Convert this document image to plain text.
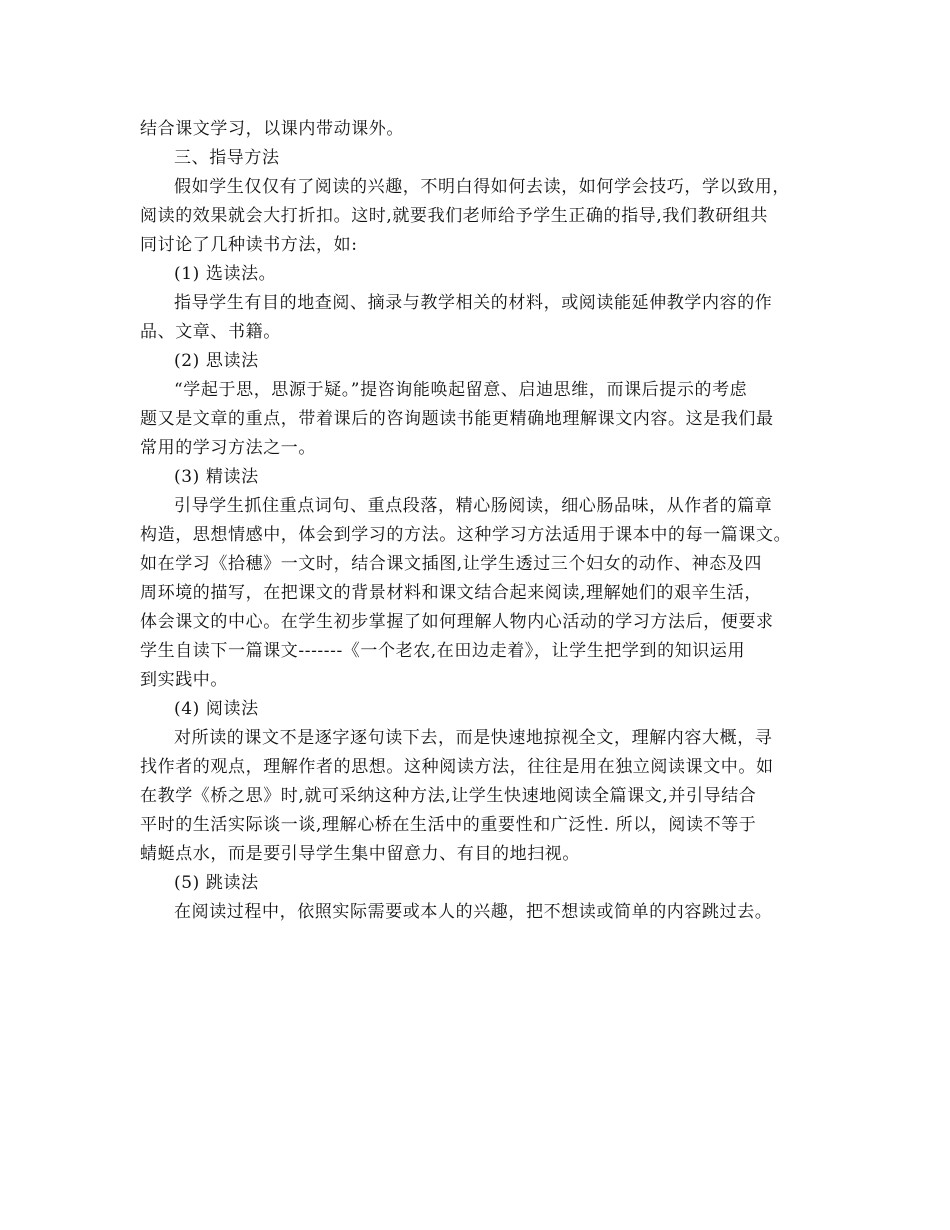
结合课文学习，以课内带动课外。
三、指导方法
假如学生仅仅有了阅读的兴趣，不明白得如何去读，如何学会技巧，学以致用，
阅读的效果就会大打折扣。这时,就要我们老师给予学生正确的指导,我们教研组共
同讨论了几种读书方法，如:
(1) 选读法。
指导学生有目的地查阅、摘录与教学相关的材料，或阅读能延伸教学内容的作
品、文章、书籍。
(2) 思读法
“学起于思，思源于疑。”提咨询能唤起留意、启迪思维，而课后提示的考虑
题又是文章的重点，带着课后的咨询题读书能更精确地理解课文内容。这是我们最
常用的学习方法之一。
(3) 精读法
引导学生抓住重点词句、重点段落，精心肠阅读，细心肠品味，从作者的篇章
构造，思想情感中，体会到学习的方法。这种学习方法适用于课本中的每一篇课文。
如在学习《拾穗》一文时，结合课文插图,让学生透过三个妇女的动作、神态及四
周环境的描写，在把课文的背景材料和课文结合起来阅读,理解她们的艰辛生活，
体会课文的中心。在学生初步掌握了如何理解人物内心活动的学习方法后，便要求
学生自读下一篇课文-------《一个老农,在田边走着》，让学生把学到的知识运用
到实践中。
(4) 阅读法
对所读的课文不是逐字逐句读下去，而是快速地掠视全文，理解内容大概，寻
找作者的观点，理解作者的思想。这种阅读方法，往往是用在独立阅读课文中。如
在教学《桥之思》时,就可采纳这种方法,让学生快速地阅读全篇课文,并引导结合
平时的生活实际谈一谈,理解心桥在生活中的重要性和广泛性. 所以，阅读不等于
蜻蜓点水，而是要引导学生集中留意力、有目的地扫视。
(5) 跳读法
在阅读过程中，依照实际需要或本人的兴趣，把不想读或简单的内容跳过去。
